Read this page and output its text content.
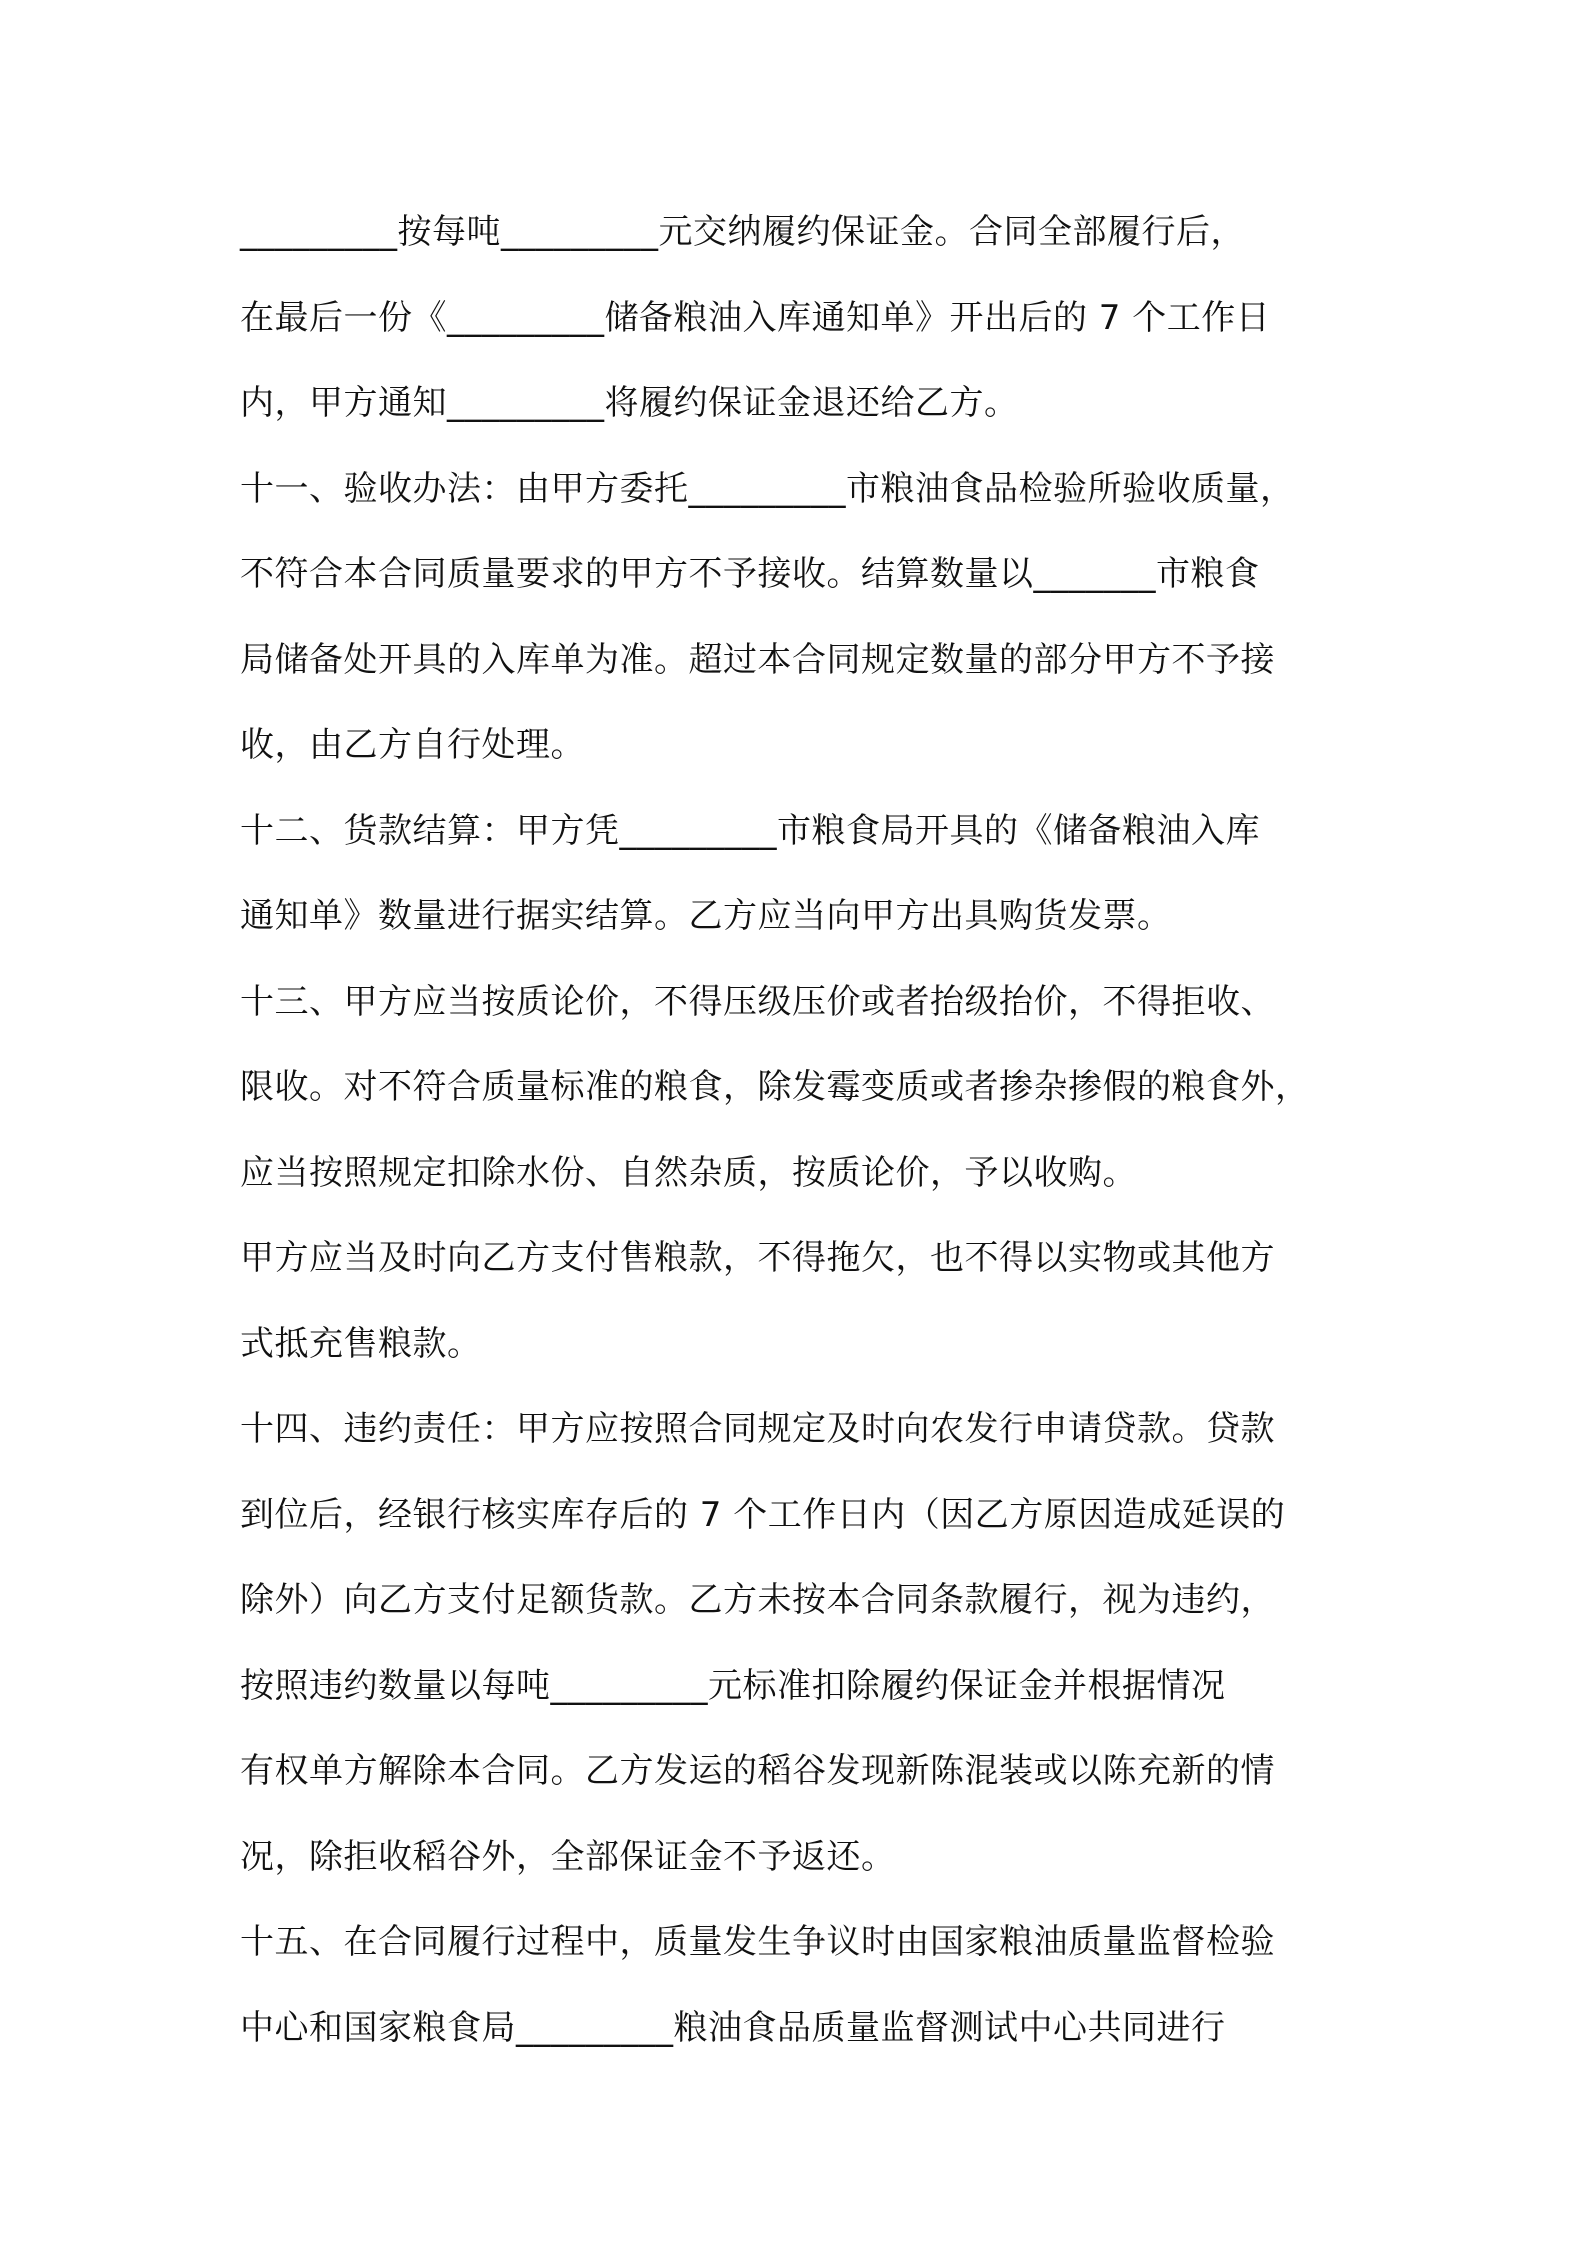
_________按每吨_________元交纳履约保证金。合同全部履行后，
在最后一份《_________储备粮油入库通知单》开出后的 7 个工作日
内，甲方通知_________将履约保证金退还给乙方。
十一、验收办法：由甲方委托_________市粮油食品检验所验收质量，
不符合本合同质量要求的甲方不予接收。结算数量以_______市粮食
局储备处开具的入库单为准。超过本合同规定数量的部分甲方不予接
收，由乙方自行处理。
十二、货款结算：甲方凭_________市粮食局开具的《储备粮油入库
通知单》数量进行据实结算。乙方应当向甲方出具购货发票。
十三、甲方应当按质论价，不得压级压价或者抬级抬价，不得拒收、
限收。对不符合质量标准的粮食，除发霉变质或者掺杂掺假的粮食外，
应当按照规定扣除水份、自然杂质，按质论价，予以收购。
甲方应当及时向乙方支付售粮款，不得拖欠，也不得以实物或其他方
式抵充售粮款。
十四、违约责任：甲方应按照合同规定及时向农发行申请贷款。贷款
到位后，经银行核实库存后的 7 个工作日内（因乙方原因造成延误的
除外）向乙方支付足额货款。乙方未按本合同条款履行，视为违约，
按照违约数量以每吨_________元标准扣除履约保证金并根据情况
有权单方解除本合同。乙方发运的稻谷发现新陈混装或以陈充新的情
况，除拒收稻谷外，全部保证金不予返还。
十五、在合同履行过程中，质量发生争议时由国家粮油质量监督检验
中心和国家粮食局_________粮油食品质量监督测试中心共同进行
